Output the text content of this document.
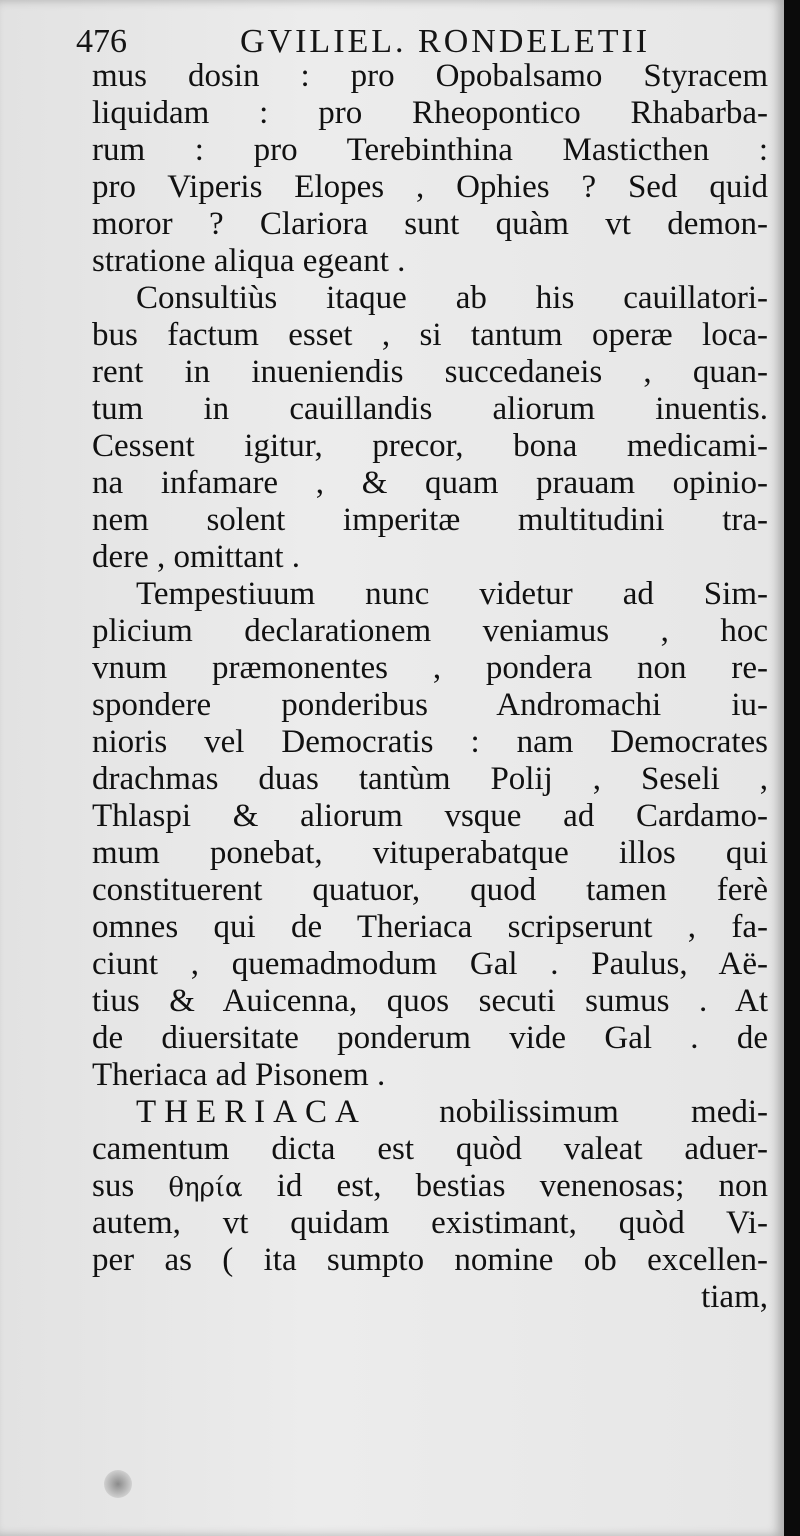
476	GVILIEL. RONDELETII
mus dosin : pro Opobalsamo Styracem
liquidam : pro Rheopontico Rhabarba-
rum : pro Terebinthina Masticthen :
pro Viperis Elopes , Ophies ? Sed quid
moror ? Clariora sunt quàm vt demon-
stratione aliqua egeant .
Consultiùs itaque ab his cauillatori-
bus factum esset , si tantum operæ loca-
rent in inueniendis succedaneis , quan-
tum in cauillandis aliorum inuentis.
Cessent igitur, precor, bona medicami-
na infamare , & quam prauam opinio-
nem solent imperitæ multitudini tra-
dere , omittant .
Tempestiuum nunc videtur ad Sim-
plicium declarationem veniamus , hoc
vnum præmonentes , pondera non re-
spondere ponderibus Andromachi iu-
nioris vel Democratis : nam Democrates
drachmas duas tantùm Polij , Seseli ,
Thlaspi & aliorum vsque ad Cardamo-
mum ponebat, vituperabatque illos qui
constituerent quatuor, quod tamen ferè
omnes qui de Theriaca scripserunt , fa-
ciunt , quemadmodum Gal . Paulus, Aë-
tius & Auicenna, quos secuti sumus . At
de diuersitate ponderum vide Gal . de
Theriaca ad Pisonem .
THERIACA nobilissimum medi-
camentum dicta est quòd valeat aduer-
sus θηρία id est, bestias venenosas; non
autem, vt quidam existimant, quòd Vi-
per as ( ita sumpto nomine ob excellen-
tiam,
